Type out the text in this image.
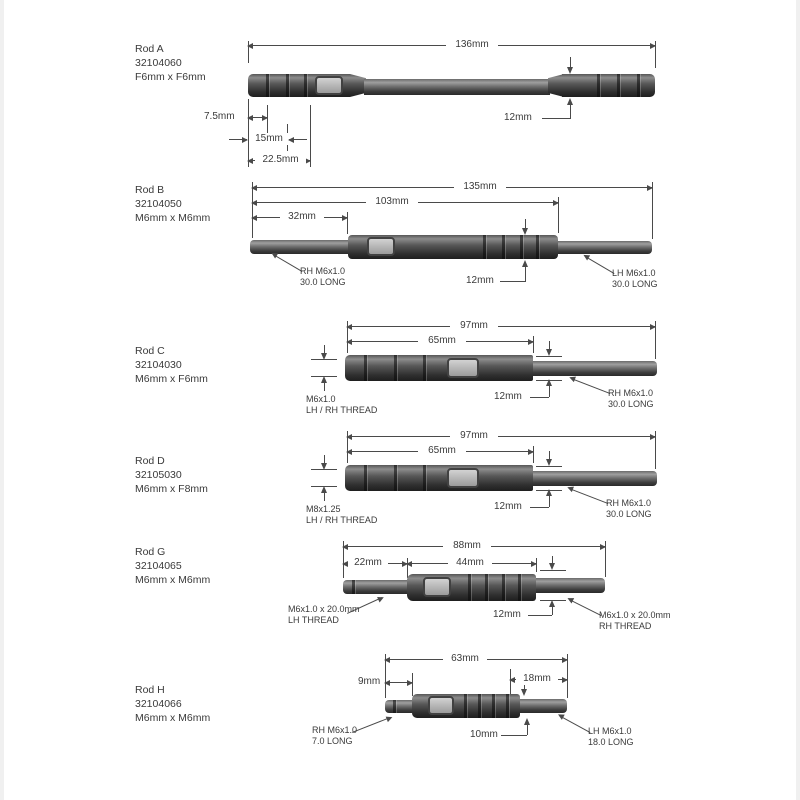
Rod A
32104060
F6mm x F6mm
136mm
12mm
7.5mm
15mm
22.5mm
Rod B
32104050
M6mm x M6mm
135mm
103mm
32mm
12mm
RH M6x1.0
30.0 LONG
LH M6x1.0
30.0 LONG
Rod C
32104030
M6mm x F6mm
97mm
65mm
M6x1.0
LH / RH THREAD
12mm	RH M6x1.0
30.0 LONG
Rod D
32105030
M6mm x F8mm
97mm
65mm
M8x1.25
LH / RH THREAD
12mm	RH M6x1.0
30.0 LONG
Rod G
32104065
M6mm x M6mm
88mm
22mm	44mm
12mm
M6x1.0 x 20.0mm
LH THREAD	M6x1.0 x 20.0mm
RH THREAD
Rod H
32104066
M6mm x M6mm
63mm
9mm	18mm
RH M6x1.0
7.0 LONG
10mm	LH M6x1.0
18.0 LONG
